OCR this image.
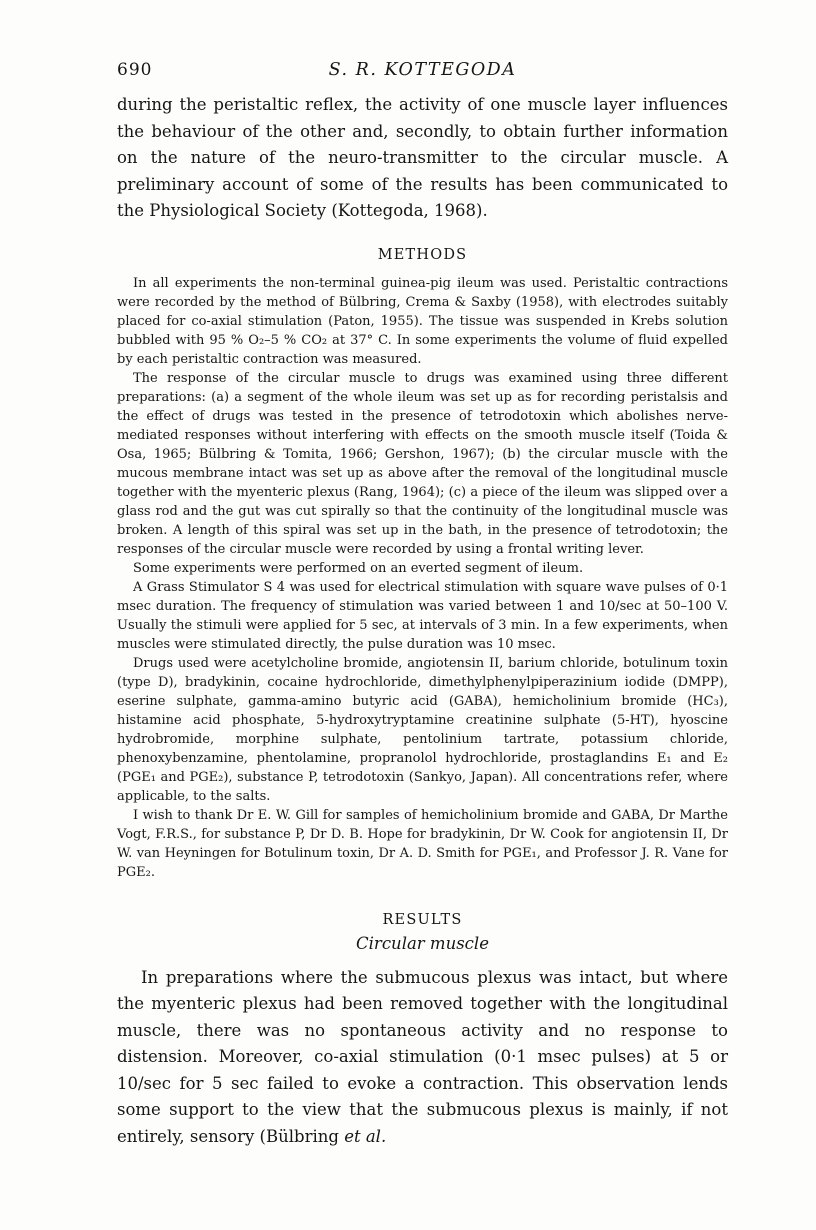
690	S. R. KOTTEGODA

during the peristaltic reflex, the activity of one muscle layer influences the behaviour of the other and, secondly, to obtain further information on the nature of the neuro-transmitter to the circular muscle. A preliminary account of some of the results has been communicated to the Physiological Society (Kottegoda, 1968).

METHODS

In all experiments the non-terminal guinea-pig ileum was used. Peristaltic contractions were recorded by the method of Bülbring, Crema & Saxby (1958), with electrodes suitably placed for co-axial stimulation (Paton, 1955). The tissue was suspended in Krebs solution bubbled with 95 % O₂–5 % CO₂ at 37° C. In some experiments the volume of fluid expelled by each peristaltic contraction was measured.

The response of the circular muscle to drugs was examined using three different preparations: (a) a segment of the whole ileum was set up as for recording peristalsis and the effect of drugs was tested in the presence of tetrodotoxin which abolishes nerve-mediated responses without interfering with effects on the smooth muscle itself (Toida & Osa, 1965; Bülbring & Tomita, 1966; Gershon, 1967); (b) the circular muscle with the mucous membrane intact was set up as above after the removal of the longitudinal muscle together with the myenteric plexus (Rang, 1964); (c) a piece of the ileum was slipped over a glass rod and the gut was cut spirally so that the continuity of the longitudinal muscle was broken. A length of this spiral was set up in the bath, in the presence of tetrodotoxin; the responses of the circular muscle were recorded by using a frontal writing lever.

Some experiments were performed on an everted segment of ileum.

A Grass Stimulator S 4 was used for electrical stimulation with square wave pulses of 0·1 msec duration. The frequency of stimulation was varied between 1 and 10/sec at 50–100 V. Usually the stimuli were applied for 5 sec, at intervals of 3 min. In a few experiments, when muscles were stimulated directly, the pulse duration was 10 msec.

Drugs used were acetylcholine bromide, angiotensin II, barium chloride, botulinum toxin (type D), bradykinin, cocaine hydrochloride, dimethylphenylpiperazinium iodide (DMPP), eserine sulphate, gamma-amino butyric acid (GABA), hemicholinium bromide (HC₃), histamine acid phosphate, 5-hydroxytryptamine creatinine sulphate (5-HT), hyoscine hydrobromide, morphine sulphate, pentolinium tartrate, potassium chloride, phenoxybenzamine, phentolamine, propranolol hydrochloride, prostaglandins E₁ and E₂ (PGE₁ and PGE₂), substance P, tetrodotoxin (Sankyo, Japan). All concentrations refer, where applicable, to the salts.

I wish to thank Dr E. W. Gill for samples of hemicholinium bromide and GABA, Dr Marthe Vogt, F.R.S., for substance P, Dr D. B. Hope for bradykinin, Dr W. Cook for angiotensin II, Dr W. van Heyningen for Botulinum toxin, Dr A. D. Smith for PGE₁, and Professor J. R. Vane for PGE₂.

RESULTS
Circular muscle

In preparations where the submucous plexus was intact, but where the myenteric plexus had been removed together with the longitudinal muscle, there was no spontaneous activity and no response to distension. Moreover, co-axial stimulation (0·1 msec pulses) at 5 or 10/sec for 5 sec failed to evoke a contraction. This observation lends some support to the view that the submucous plexus is mainly, if not entirely, sensory (Bülbring et al.
